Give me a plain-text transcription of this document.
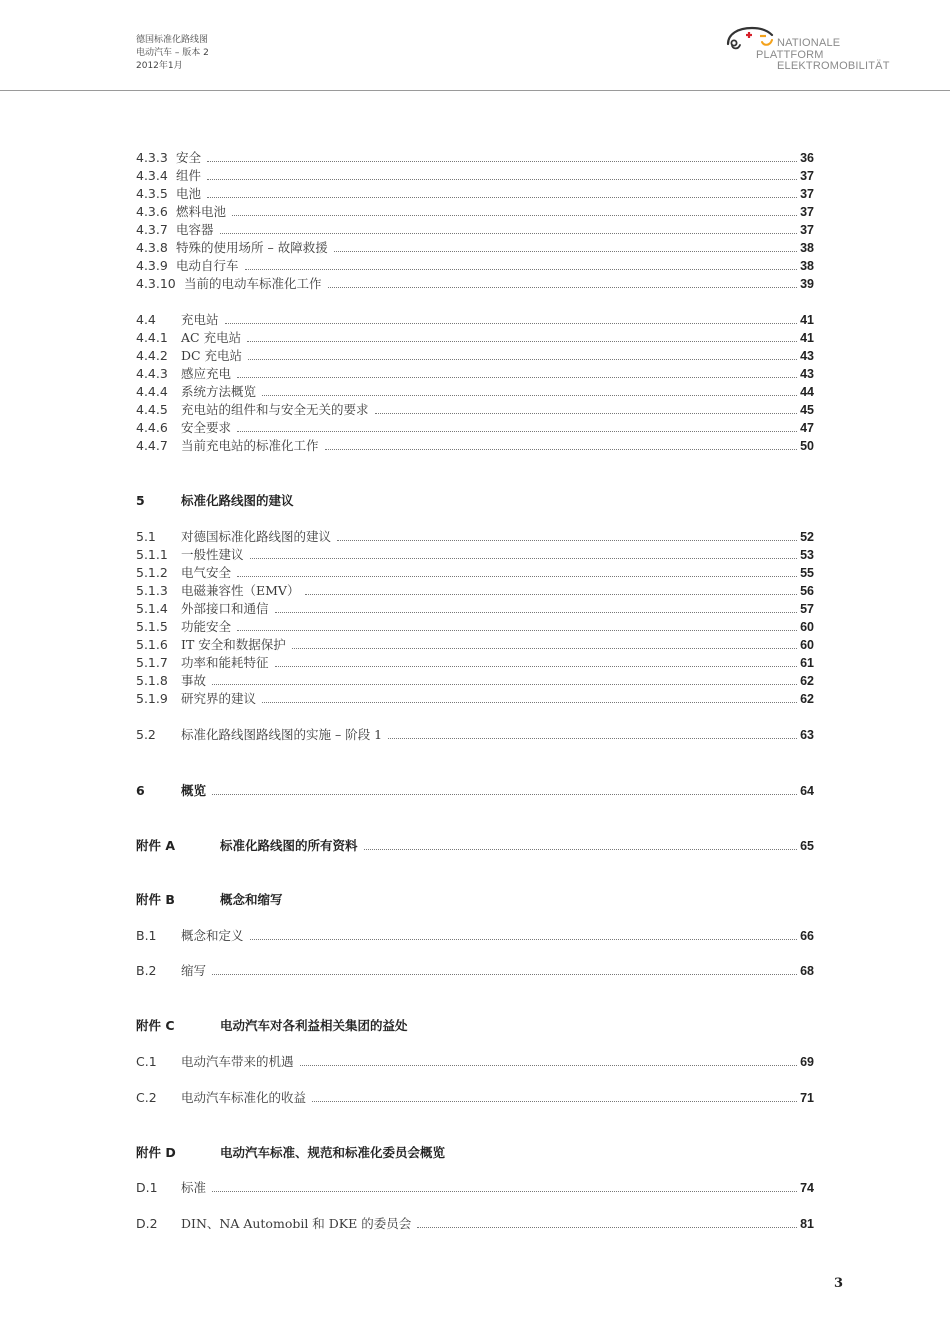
德国标准化路线图
电动汽车 – 版本 2
2012年1月
NATIONALE
PLATTFORM
ELEKTROMOBILITÄT
4.3.3 安全	36
4.3.4 组件	37
4.3.5 电池	37
4.3.6 燃料电池	37
4.3.7 电容器	37
4.3.8 特殊的使用场所 – 故障救援	38
4.3.9 电动自行车	38
4.3.10 当前的电动车标准化工作	39
4.4	充电站	41
4.4.1	AC 充电站	41
4.4.2	DC 充电站	43
4.4.3	感应充电	43
4.4.4	系统方法概览	44
4.4.5	充电站的组件和与安全无关的要求	45
4.4.6	安全要求	47
4.4.7	当前充电站的标准化工作	50
5	标准化路线图的建议
5.1	对德国标准化路线图的建议	52
5.1.1	一般性建议	53
5.1.2	电气安全	55
5.1.3	电磁兼容性（EMV）	56
5.1.4	外部接口和通信	57
5.1.5	功能安全	60
5.1.6	IT 安全和数据保护	60
5.1.7	功率和能耗特征	61
5.1.8	事故	62
5.1.9	研究界的建议	62
5.2	标准化路线图路线图的实施 – 阶段 1	63
6	概览	64
附件 A	标准化路线图的所有资料	65
附件 B	概念和缩写
B.1	概念和定义	66
B.2	缩写	68
附件 C	电动汽车对各利益相关集团的益处
C.1	电动汽车带来的机遇	69
C.2	电动汽车标准化的收益	71
附件 D	电动汽车标准、规范和标准化委员会概览
D.1	标准	74
D.2	DIN、NA Automobil 和 DKE 的委员会	81
3
